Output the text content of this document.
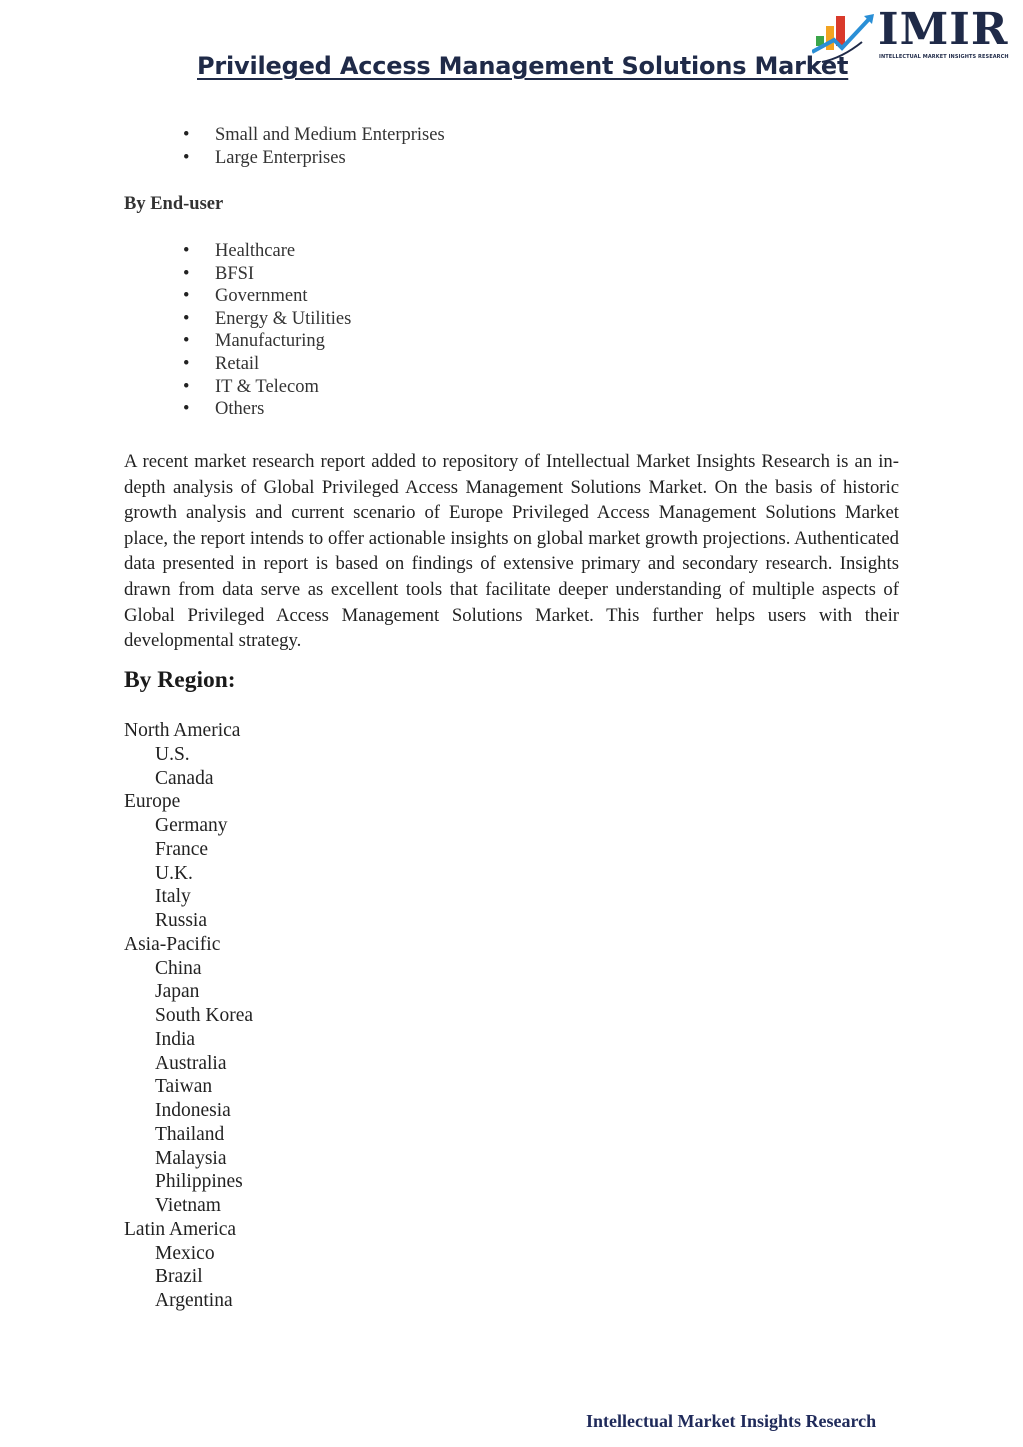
Privileged Access Management Solutions Market
IMIR
INTELLECTUAL MARKET INSIGHTS RESEARCH
• Small and Medium Enterprises
• Large Enterprises
By End-user
• Healthcare
• BFSI
• Government
• Energy & Utilities
• Manufacturing
• Retail
• IT & Telecom
• Others
A recent market research report added to repository of Intellectual Market Insights Research is an in-depth analysis of Global Privileged Access Management Solutions Market. On the basis of historic growth analysis and current scenario of Europe Privileged Access Management Solutions Market place, the report intends to offer actionable insights on global market growth projections. Authenticated data presented in report is based on findings of extensive primary and secondary research. Insights drawn from data serve as excellent tools that facilitate deeper understanding of multiple aspects of Global Privileged Access Management Solutions Market. This further helps users with their developmental strategy.
By Region:
North America
U.S.
Canada
Europe
Germany
France
U.K.
Italy
Russia
Asia-Pacific
China
Japan
South Korea
India
Australia
Taiwan
Indonesia
Thailand
Malaysia
Philippines
Vietnam
Latin America
Mexico
Brazil
Argentina
Intellectual Market Insights Research
